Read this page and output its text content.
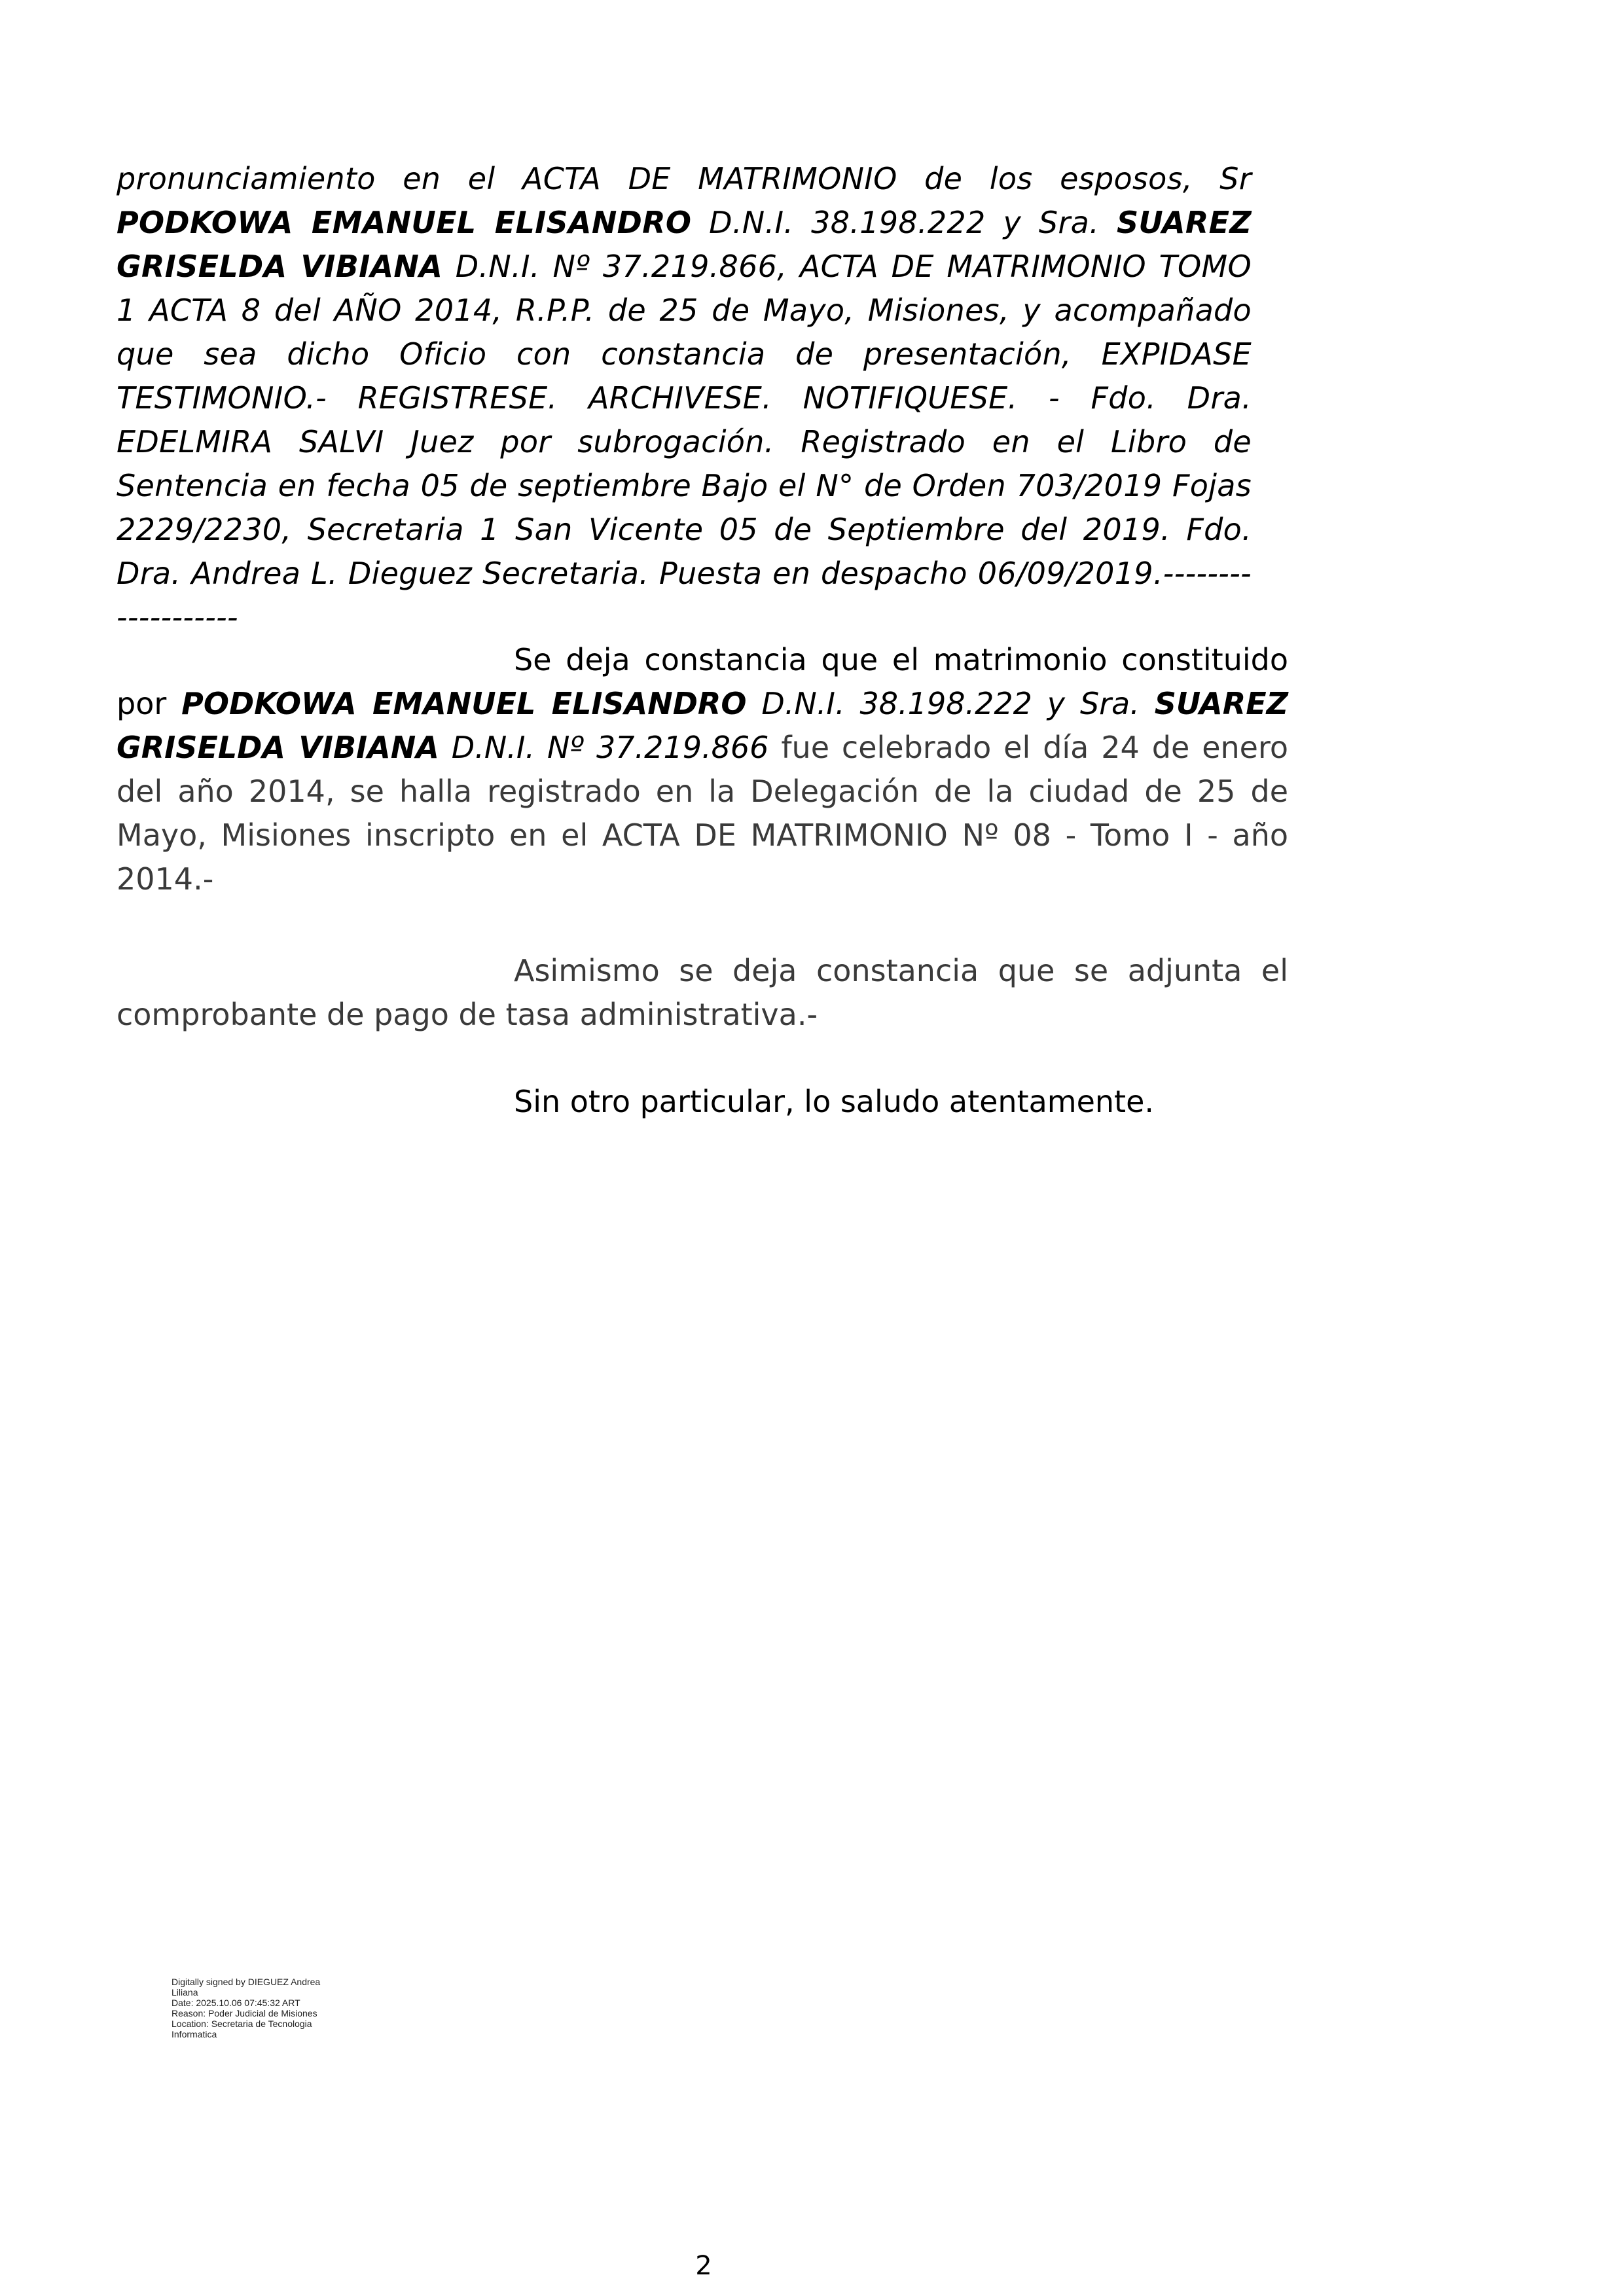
pronunciamiento en el ACTA DE MATRIMONIO de los esposos, Sr PODKOWA EMANUEL ELISANDRO D.N.I. 38.198.222 y Sra. SUAREZ GRISELDA VIBIANA D.N.I. Nº 37.219.866, ACTA DE MATRIMONIO TOMO 1 ACTA 8 del AÑO 2014, R.P.P. de 25 de Mayo, Misiones, y acompañado que sea dicho Oficio con constancia de presentación, EXPIDASE TESTIMONIO.- REGISTRESE. ARCHIVESE. NOTIFIQUESE. - Fdo. Dra. EDELMIRA SALVI Juez por subrogación. Registrado en el Libro de Sentencia en fecha 05 de septiembre Bajo el N° de Orden 703/2019 Fojas 2229/2230, Secretaria 1 San Vicente 05 de Septiembre del 2019. Fdo. Dra. Andrea L. Dieguez Secretaria. Puesta en despacho 06/09/2019.-------------------

Se deja constancia que el matrimonio constituido por PODKOWA EMANUEL ELISANDRO D.N.I. 38.198.222 y Sra. SUAREZ GRISELDA VIBIANA D.N.I. Nº 37.219.866 fue celebrado el día 24 de enero del año 2014, se halla registrado en la Delegación de la ciudad de 25 de Mayo, Misiones inscripto en el ACTA DE MATRIMONIO Nº 08 - Tomo I - año 2014.-

Asimismo se deja constancia que se adjunta el comprobante de pago de tasa administrativa.-

Sin otro particular, lo saludo atentamente.

Digitally signed by DIEGUEZ Andrea
Liliana
Date: 2025.10.06 07:45:32 ART
Reason: Poder Judicial de Misiones
Location: Secretaria de Tecnologia
Informatica
2
